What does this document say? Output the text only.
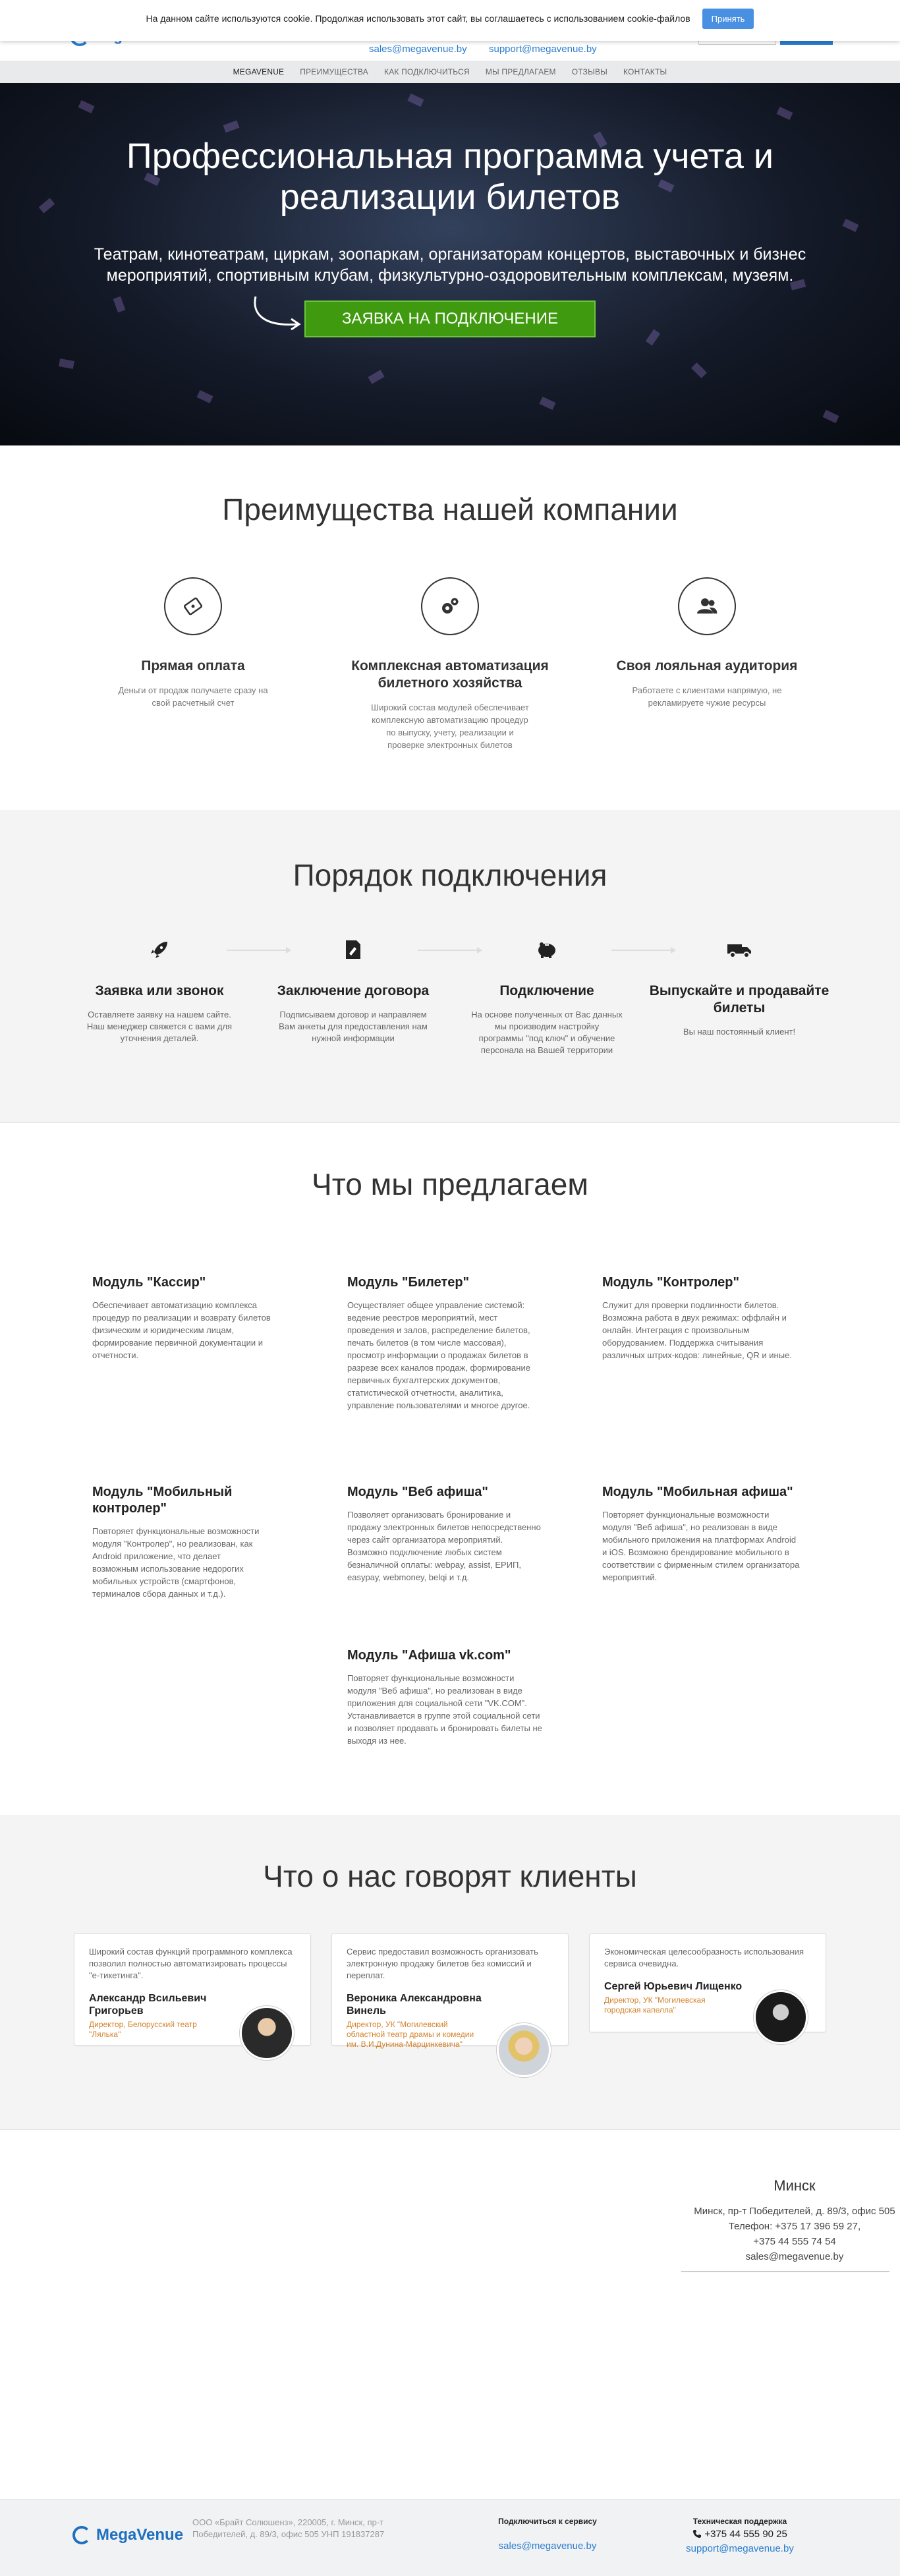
sales@megavenue.by support@megavenue.by
MEGAVENUE ПРЕИМУЩЕСТВА КАК ПОДКЛЮЧИТЬСЯ МЫ ПРЕДЛАГАЕМ ОТЗЫВЫ КОНТАКТЫ
На данном сайте используются cookie. Продолжая использовать этот сайт, вы соглашаетесь с использованием cookie-файлов	Принять
Профессиональная программа учета и реализации билетов

Театрам, кинотеатрам, циркам, зоопаркам, организаторам концертов, выставочных и бизнес мероприятий, спортивным клубам, физкультурно-оздоровительным комплексам, музеям.

ЗАЯВКА НА ПОДКЛЮЧЕНИЕ
Преимущества нашей компании
Прямая оплата

Деньги от продаж получаете сразу на свой расчетный счет

Комплексная автоматизация билетного хозяйства

Широкий состав модулей обеспечивает комплексную автоматизацию процедур по выпуску, учету, реализации и проверке электронных билетов

Своя лояльная аудитория

Работаете с клиентами напрямую, не рекламируете чужие ресурсы

Порядок подключения
Заявка или звонок

Оставляете заявку на нашем сайте. Наш менеджер свяжется с вами для уточнения деталей.

Заключение договора

Подписываем договор и направляем Вам анкеты для предоставления нам нужной информации

Подключение

На основе полученных от Вас данных мы производим настройку программы "под ключ" и обучение персонала на Вашей территории

Выпускайте и продавайте билеты

Вы наш постоянный клиент!

Что мы предлагаем
Модуль "Кассир"

Обеспечивает автоматизацию комплекса процедур по реализации и возврату билетов физическим и юридическим лицам, формирование первичной документации и отчетности.

Модуль "Билетер"

Осуществляет общее управление системой: ведение реестров мероприятий, мест проведения и залов, распределение билетов, печать билетов (в том числе массовая), просмотр информации о продажах билетов в разрезе всех каналов продаж, формирование первичных бухгалтерских документов, статистической отчетности, аналитика, управление пользователями и многое другое.

Модуль "Контролер"

Служит для проверки подлинности билетов. Возможна работа в двух режимах: оффлайн и онлайн. Интеграция с произвольным оборудованием. Поддержка считывания различных штрих-кодов: линейные, QR и иные.

Модуль "Мобильный контролер"

Повторяет функциональные возможности модуля "Контролер", но реализован, как Android приложение, что делает возможным использование недорогих мобильных устройств (смартфонов, терминалов сбора данных и т.д.).

Модуль "Веб афиша"

Позволяет организовать бронирование и продажу электронных билетов непосредственно через сайт организатора мероприятий. Возможно подключение любых систем безналичной оплаты: webpay, assist, ЕРИП, easypay, webmoney, belqi и т.д.

Модуль "Мобильная афиша"

Повторяет функциональные возможности модуля "Веб афиша", но реализован в виде мобильного приложения на платформах Android и iOS. Возможно брендирование мобильного в соответствии с фирменным стилем организатора мероприятий.

Модуль "Афиша vk.com"

Повторяет функциональные возможности модуля "Веб афиша", но реализован в виде приложения для социальной сети "VK.COM". Устанавливается в группе этой социальной сети и позволяет продавать и бронировать билеты не выходя из нее.

Что о нас говорят клиенты

Широкий состав функций программного комплекса позволил полностью автоматизировать процессы "e-тикетинга".

Александр Всильевич Григорьев

Директор, Белорусский театр "Лялька"

Сервис предоставил возможность организовать электронную продажу билетов без комиссий и переплат.

Вероника Александровна Винель

Директор, УК "Могилевский областной театр драмы и комедии им. В.И.Дунина-Марцинкевича"

Экономическая целесообразность использования сервиса очевидна.

Сергей Юрьевич Лищенко

Директор, УК "Могилевская городская капелла"

Минск

Минск, пр-т Победителей, д. 89/3, офис 505

Телефон: +375 17 396 59 27,

+375 44 555 74 54

sales@megavenue.by

MegaVenue

ООО «Брайт Солюшенз», 220005, г. Минск, пр-т Победителей, д. 89/3, офис 505 УНП 191837287

Подключиться к сервису

sales@megavenue.by

Техническая поддержка

+375 44 555 90 25

support@megavenue.by
